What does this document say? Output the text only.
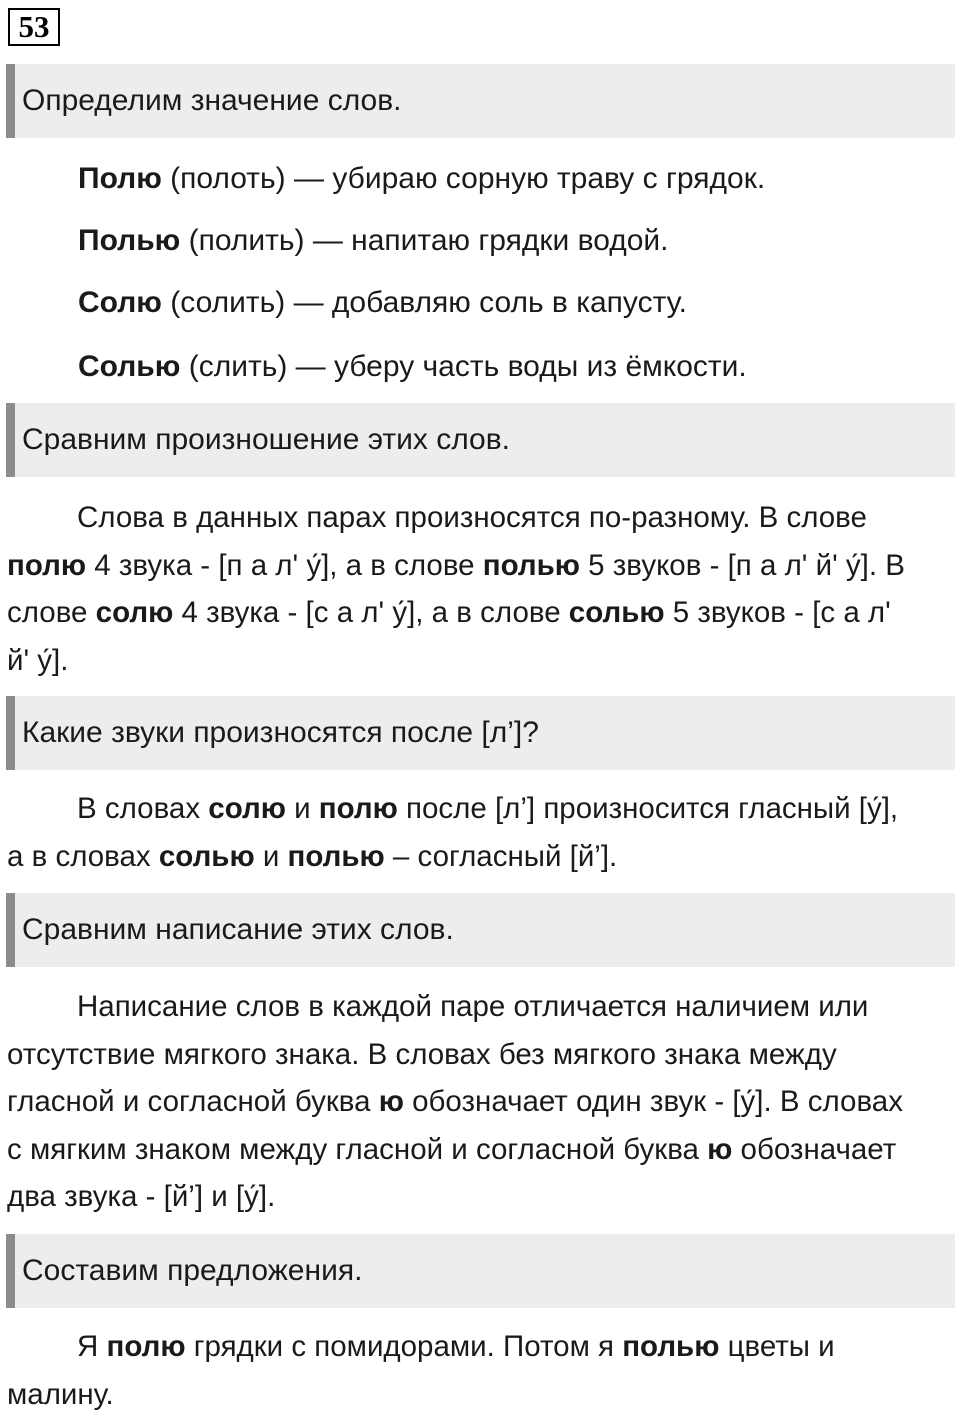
53
Определим значение слов.
Полю (полоть) — убираю сорную траву с грядок.
Полью (полить) — напитаю грядки водой.
Солю (солить) — добавляю соль в капусту.
Солью (слить) — уберу часть воды из ёмкости.
Сравним произношение этих слов.

Слова в данных парах произносятся по-разному. В слове полю 4 звука - [п а л' у́], а в слове полью 5 звуков - [п а л' й' у́]. В слове солю 4 звука - [с а л' у́], а в слове солью 5 звуков - [с а л' й' у́].

Какие звуки произносятся после [л’]?

В словах солю и полю после [л’] произносится гласный [у́], а в словах солью и полью – согласный [й’].

Сравним написание этих слов.

Написание слов в каждой паре отличается наличием или отсутствие мягкого знака. В словах без мягкого знака между гласной и согласной буква ю обозначает один звук - [у́]. В словах с мягким знаком между гласной и согласной буква ю обозначает два звука - [й’] и [у́].

Составим предложения.

Я полю грядки с помидорами. Потом я полью цветы и малину.
